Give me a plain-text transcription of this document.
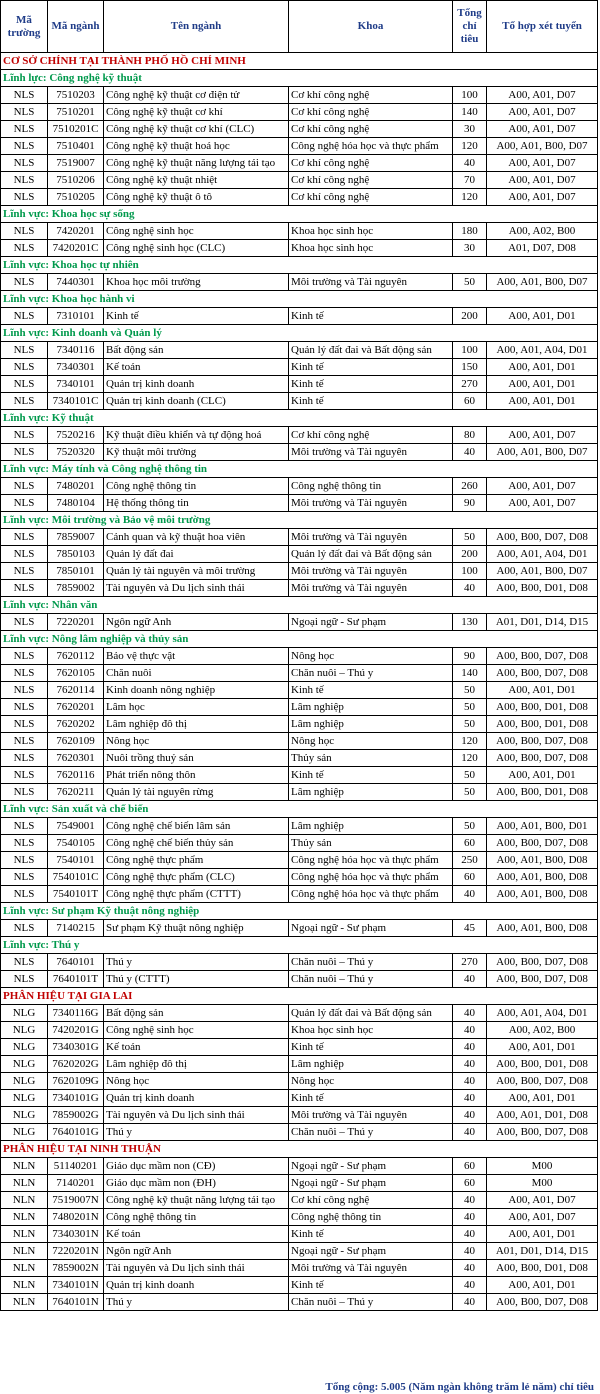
Mã trường	Mã ngành	Tên ngành	Khoa	Tổng chỉ tiêu	Tổ hợp xét tuyển
CƠ SỞ CHÍNH TẠI THÀNH PHỐ HỒ CHÍ MINH					
Lĩnh lực: Công nghệ kỹ thuật					
NLS	7510203	Công nghệ kỹ thuật cơ điện tử	Cơ khí công nghệ	100	A00, A01, D07
NLS	7510201	Công nghệ kỹ thuật cơ khí	Cơ khí công nghệ	140	A00, A01, D07
NLS	7510201C	Công nghệ kỹ thuật cơ khí (CLC)	Cơ khí công nghệ	30	A00, A01, D07
NLS	7510401	Công nghệ kỹ thuật hoá học	Công nghệ hóa học và thực phẩm	120	A00, A01, B00, D07
NLS	7519007	Công nghệ kỹ thuật năng lượng tái tạo	Cơ khí công nghệ	40	A00, A01, D07
NLS	7510206	Công nghệ kỹ thuật nhiệt	Cơ khí công nghệ	70	A00, A01, D07
NLS	7510205	Công nghệ kỹ thuật ô tô	Cơ khí công nghệ	120	A00, A01, D07
Lĩnh vực: Khoa học sự sống					
NLS	7420201	Công nghệ sinh học	Khoa học sinh học	180	A00, A02, B00
NLS	7420201C	Công nghệ sinh học (CLC)	Khoa học sinh học	30	A01, D07, D08
Lĩnh vực: Khoa học tự nhiên					
NLS	7440301	Khoa học môi trường	Môi trường và Tài nguyên	50	A00, A01, B00, D07
Lĩnh vực: Khoa học hành vi					
NLS	7310101	Kinh tế	Kinh tế	200	A00, A01, D01
Lĩnh vực: Kinh doanh và Quản lý					
NLS	7340116	Bất động sản	Quản lý đất đai và Bất động sản	100	A00, A01, A04, D01
NLS	7340301	Kế toán	Kinh tế	150	A00, A01, D01
NLS	7340101	Quản trị kinh doanh	Kinh tế	270	A00, A01, D01
NLS	7340101C	Quản trị kinh doanh (CLC)	Kinh tế	60	A00, A01, D01
Lĩnh vực: Kỹ thuật					
NLS	7520216	Kỹ thuật điều khiển và tự động hoá	Cơ khí công nghệ	80	A00, A01, D07
NLS	7520320	Kỹ thuật môi trường	Môi trường và Tài nguyên	40	A00, A01, B00, D07
Lĩnh vực: Máy tính và Công nghệ thông tin					
NLS	7480201	Công nghệ thông tin	Công nghệ thông tin	260	A00, A01, D07
NLS	7480104	Hệ thống thông tin	Môi trường và Tài nguyên	90	A00, A01, D07
Lĩnh vực: Môi trường và Bảo vệ môi trường					
NLS	7859007	Cảnh quan và kỹ thuật hoa viên	Môi trường và Tài nguyên	50	A00, B00, D07, D08
NLS	7850103	Quản lý đất đai	Quản lý đất đai và Bất động sản	200	A00, A01, A04, D01
NLS	7850101	Quản lý tài nguyên và môi trường	Môi trường và Tài nguyên	100	A00, A01, B00, D07
NLS	7859002	Tài nguyên và Du lịch sinh thái	Môi trường và Tài nguyên	40	A00, B00, D01, D08
Lĩnh vực: Nhân văn					
NLS	7220201	Ngôn ngữ Anh	Ngoại ngữ - Sư phạm	130	A01, D01, D14, D15
Lĩnh vực: Nông lâm nghiệp và thủy sản					
NLS	7620112	Bảo vệ thực vật	Nông học	90	A00, B00, D07, D08
NLS	7620105	Chăn nuôi	Chăn nuôi – Thú y	140	A00, B00, D07, D08
NLS	7620114	Kinh doanh nông nghiệp	Kinh tế	50	A00, A01, D01
NLS	7620201	Lâm học	Lâm nghiệp	50	A00, B00, D01, D08
NLS	7620202	Lâm nghiệp đô thị	Lâm nghiệp	50	A00, B00, D01, D08
NLS	7620109	Nông học	Nông học	120	A00, B00, D07, D08
NLS	7620301	Nuôi trồng thuỷ sản	Thủy sản	120	A00, B00, D07, D08
NLS	7620116	Phát triển nông thôn	Kinh tế	50	A00, A01, D01
NLS	7620211	Quản lý tài nguyên rừng	Lâm nghiệp	50	A00, B00, D01, D08
Lĩnh vực: Sản xuất và chế biến					
NLS	7549001	Công nghệ chế biến lâm sản	Lâm nghiệp	50	A00, A01, B00, D01
NLS	7540105	Công nghệ chế biến thủy sản	Thủy sản	60	A00, B00, D07, D08
NLS	7540101	Công nghệ thực phẩm	Công nghệ hóa học và thực phẩm	250	A00, A01, B00, D08
NLS	7540101C	Công nghệ thực phẩm (CLC)	Công nghệ hóa học và thực phẩm	60	A00, A01, B00, D08
NLS	7540101T	Công nghệ thực phẩm (CTTT)	Công nghệ hóa học và thực phẩm	40	A00, A01, B00, D08
Lĩnh vực: Sư phạm Kỹ thuật nông nghiệp					
NLS	7140215	Sư phạm Kỹ thuật nông nghiệp	Ngoại ngữ - Sư phạm	45	A00, A01, B00, D08
Lĩnh vực: Thú y					
NLS	7640101	Thú y	Chăn nuôi – Thú y	270	A00, B00, D07, D08
NLS	7640101T	Thú y (CTTT)	Chăn nuôi – Thú y	40	A00, B00, D07, D08
PHÂN HIỆU TẠI GIA LAI					
NLG	7340116G	Bất động sản	Quản lý đất đai và Bất động sản	40	A00, A01, A04, D01
NLG	7420201G	Công nghệ sinh học	Khoa học sinh học	40	A00, A02, B00
NLG	7340301G	Kế toán	Kinh tế	40	A00, A01, D01
NLG	7620202G	Lâm nghiệp đô thị	Lâm nghiệp	40	A00, B00, D01, D08
NLG	7620109G	Nông học	Nông học	40	A00, B00, D07, D08
NLG	7340101G	Quản trị kinh doanh	Kinh tế	40	A00, A01, D01
NLG	7859002G	Tài nguyên và Du lịch sinh thái	Môi trường và Tài nguyên	40	A00, A01, D01, D08
NLG	7640101G	Thú y	Chăn nuôi – Thú y	40	A00, B00, D07, D08
PHÂN HIỆU TẠI NINH THUẬN					
NLN	51140201	Giáo dục mầm non (CĐ)	Ngoại ngữ - Sư phạm	60	M00
NLN	7140201	Giáo dục mầm non (ĐH)	Ngoại ngữ - Sư phạm	60	M00
NLN	7519007N	Công nghệ kỹ thuật năng lượng tái tạo	Cơ khí công nghệ	40	A00, A01, D07
NLN	7480201N	Công nghệ thông tin	Công nghệ thông tin	40	A00, A01, D07
NLN	7340301N	Kế toán	Kinh tế	40	A00, A01, D01
NLN	7220201N	Ngôn ngữ Anh	Ngoại ngữ - Sư phạm	40	A01, D01, D14, D15
NLN	7859002N	Tài nguyên và Du lịch sinh thái	Môi trường và Tài nguyên	40	A00, B00, D01, D08
NLN	7340101N	Quản trị kinh doanh	Kinh tế	40	A00, A01, D01
NLN	7640101N	Thú y	Chăn nuôi – Thú y	40	A00, B00, D07, D08
Tổng cộng: 5.005 (Năm ngàn không trăm lẻ năm) chỉ tiêu
